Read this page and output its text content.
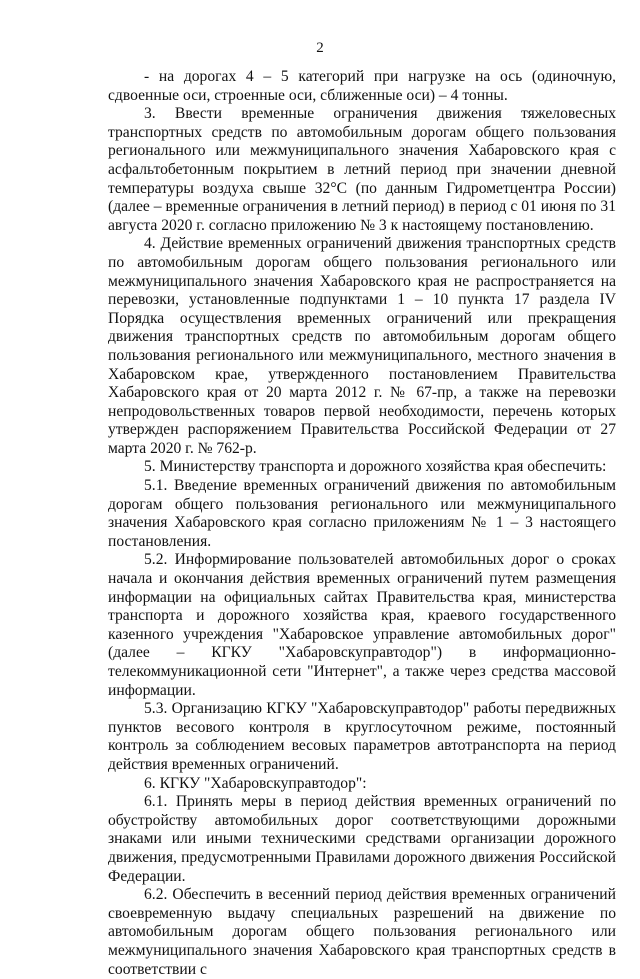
2

- на дорогах 4 – 5 категорий при нагрузке на ось (одиночную, сдвоенные оси, строенные оси, сближенные оси) – 4 тонны.

3. Ввести временные ограничения движения тяжеловесных транспортных средств по автомобильным дорогам общего пользования регионального или межмуниципального значения Хабаровского края с асфальтобетонным покрытием в летний период при значении дневной температуры воздуха свыше 32°С (по данным Гидрометцентра России) (далее – временные ограничения в летний период) в период с 01 июня по 31 августа 2020 г. согласно приложению № 3 к настоящему постановлению.

4. Действие временных ограничений движения транспортных средств по автомобильным дорогам общего пользования регионального или межмуниципального значения Хабаровского края не распространяется на перевозки, установленные подпунктами 1 – 10 пункта 17 раздела IV Порядка осуществления временных ограничений или прекращения движения транспортных средств по автомобильным дорогам общего пользования регионального или межмуниципального, местного значения в Хабаровском крае, утвержденного постановлением Правительства Хабаровского края от 20 марта 2012 г. № 67-пр, а также на перевозки непродовольственных товаров первой необходимости, перечень которых утвержден распоряжением Правительства Российской Федерации от 27 марта 2020 г. № 762-р.

5. Министерству транспорта и дорожного хозяйства края обеспечить:

5.1. Введение временных ограничений движения по автомобильным дорогам общего пользования регионального или межмуниципального значения Хабаровского края согласно приложениям № 1 – 3 настоящего постановления.

5.2. Информирование пользователей автомобильных дорог о сроках начала и окончания действия временных ограничений путем размещения информации на официальных сайтах Правительства края, министерства транспорта и дорожного хозяйства края, краевого государственного казенного учреждения "Хабаровское управление автомобильных дорог" (далее – КГКУ "Хабаровскуправтодор") в информационно-телекоммуникационной сети "Интернет", а также через средства массовой информации.

5.3. Организацию КГКУ "Хабаровскуправтодор" работы передвижных пунктов весового контроля в круглосуточном режиме, постоянный контроль за соблюдением весовых параметров автотранспорта на период действия временных ограничений.

6. КГКУ "Хабаровскуправтодор":

6.1. Принять меры в период действия временных ограничений по обустройству автомобильных дорог соответствующими дорожными знаками или иными техническими средствами организации дорожного движения, предусмотренными Правилами дорожного движения Российской Федерации.

6.2. Обеспечить в весенний период действия временных ограничений своевременную выдачу специальных разрешений на движение по автомобильным дорогам общего пользования регионального или межмуниципального значения Хабаровского края транспортных средств в соответствии с
